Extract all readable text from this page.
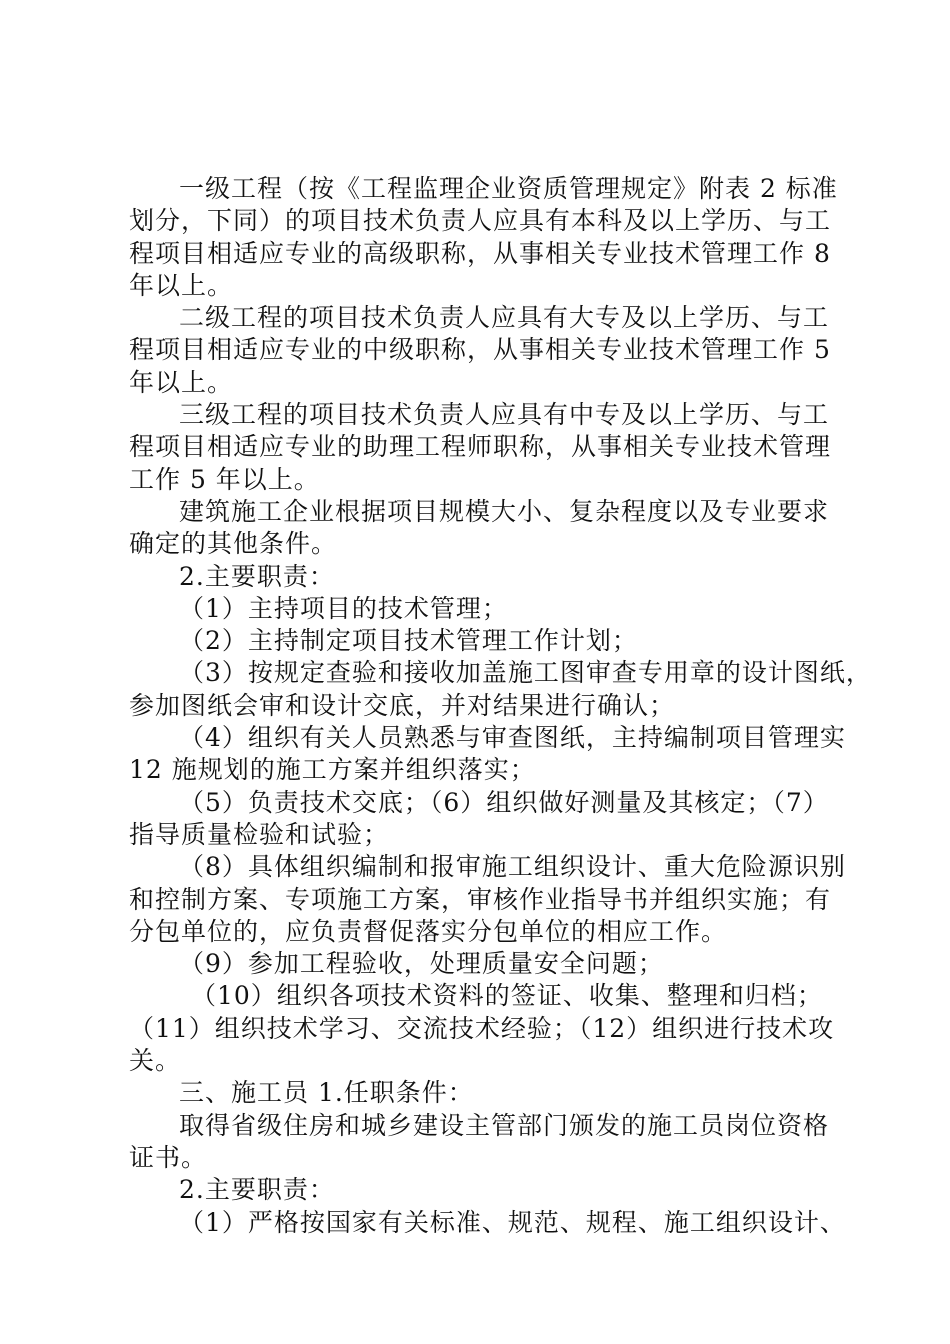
一级工程（按《工程监理企业资质管理规定》附表 2 标准
划分，下同）的项目技术负责人应具有本科及以上学历、与工
程项目相适应专业的高级职称，从事相关专业技术管理工作 8
年以上。
二级工程的项目技术负责人应具有大专及以上学历、与工
程项目相适应专业的中级职称，从事相关专业技术管理工作 5
年以上。
三级工程的项目技术负责人应具有中专及以上学历、与工
程项目相适应专业的助理工程师职称，从事相关专业技术管理
工作 5 年以上。
建筑施工企业根据项目规模大小、复杂程度以及专业要求
确定的其他条件。
2.主要职责：
（1）主持项目的技术管理；
（2）主持制定项目技术管理工作计划；
（3）按规定查验和接收加盖施工图审查专用章的设计图纸，
参加图纸会审和设计交底，并对结果进行确认；
（4）组织有关人员熟悉与审查图纸，主持编制项目管理实
12 施规划的施工方案并组织落实；
（5）负责技术交底；（6）组织做好测量及其核定；（7）
指导质量检验和试验；
（8）具体组织编制和报审施工组织设计、重大危险源识别
和控制方案、专项施工方案，审核作业指导书并组织实施；有
分包单位的，应负责督促落实分包单位的相应工作。
（9）参加工程验收，处理质量安全问题；
（10）组织各项技术资料的签证、收集、整理和归档；
（11）组织技术学习、交流技术经验；（12）组织进行技术攻
关。
三、施工员 1.任职条件：
取得省级住房和城乡建设主管部门颁发的施工员岗位资格
证书。
2.主要职责：
（1）严格按国家有关标准、规范、规程、施工组织设计、
